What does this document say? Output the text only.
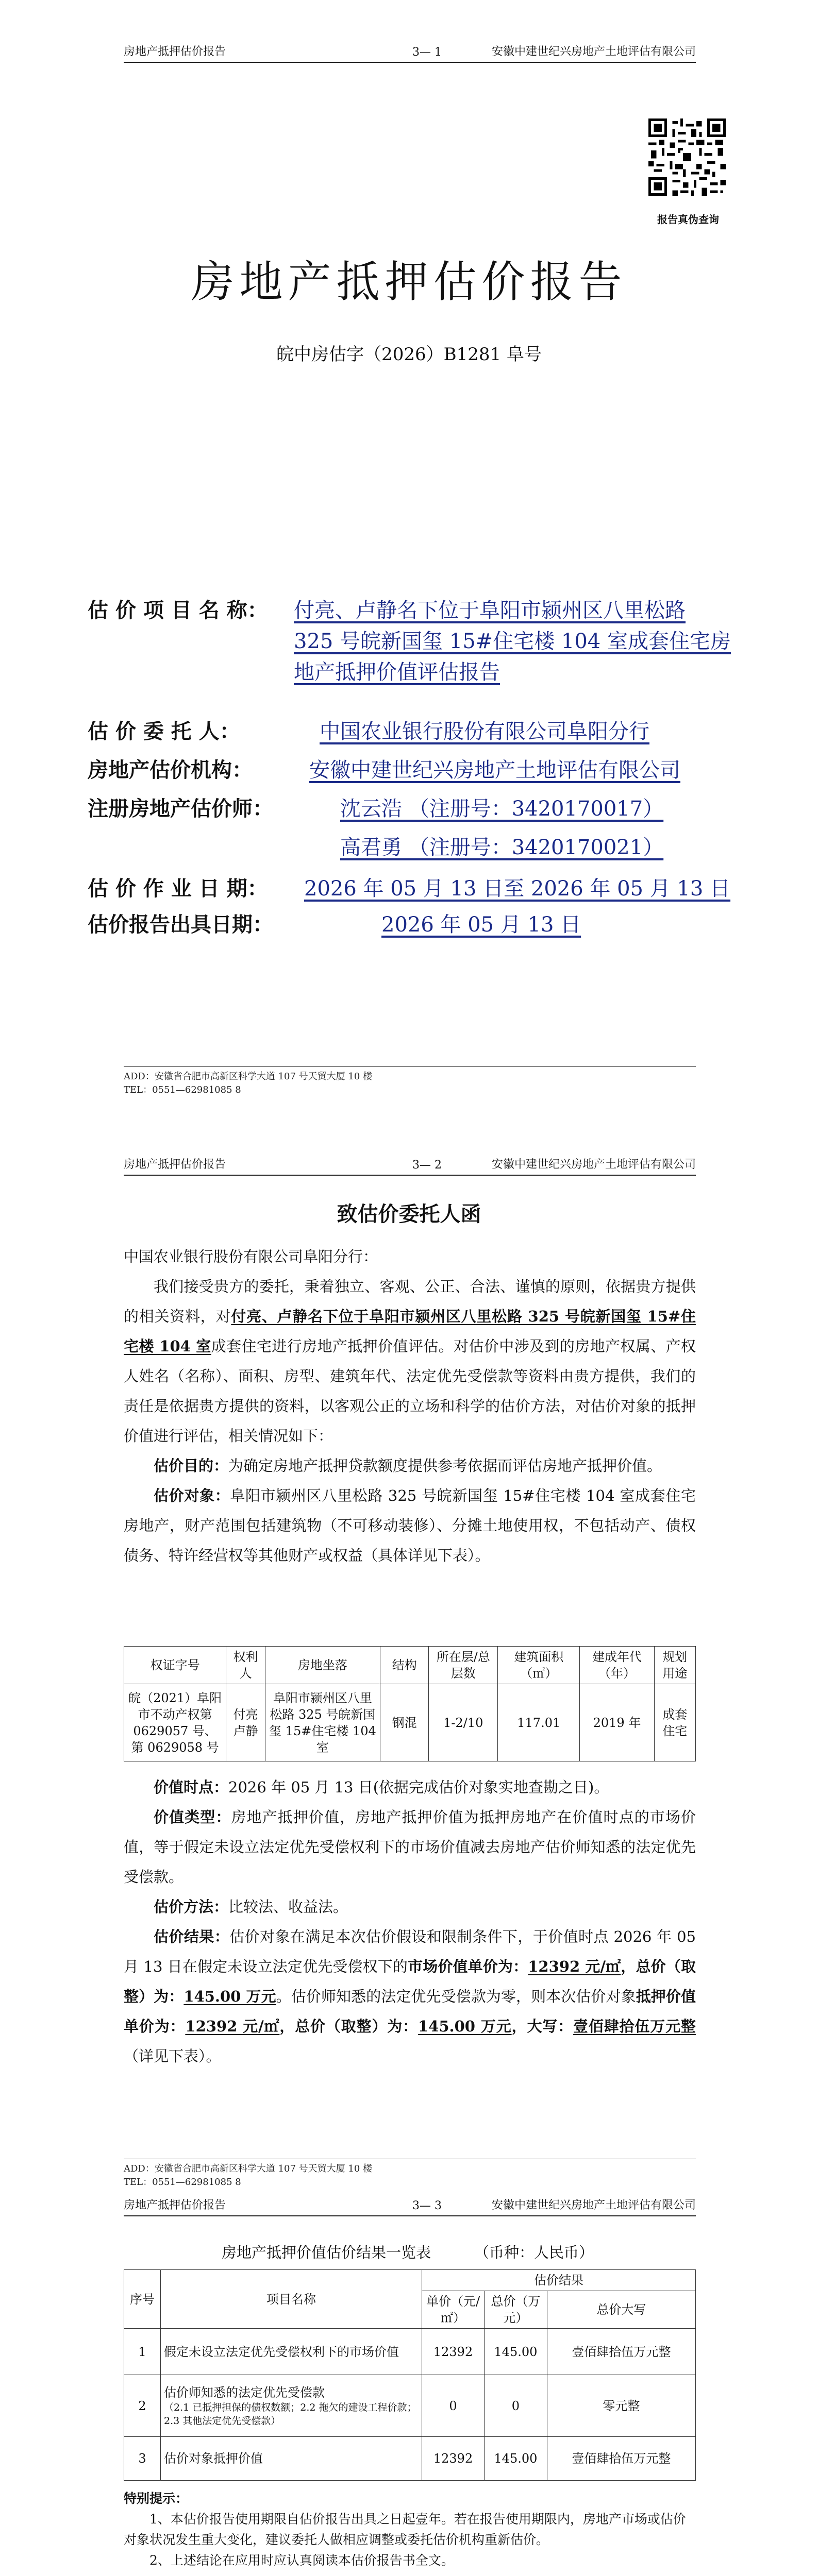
房地产抵押估价报告	3— 1	安徽中建世纪兴房地产土地评估有限公司
报告真伪查询
房地产抵押估价报告
皖中房估字（2026）B1281 阜号
估 价 项 目 名 称： 付亮、卢静名下位于阜阳市颍州区八里松路
325 号皖新国玺 15#住宅楼 104 室成套住宅房
地产抵押价值评估报告
估 价 委 托 人：	中国农业银行股份有限公司阜阳分行
房地产估价机构：	安徽中建世纪兴房地产土地评估有限公司
注册房地产估价师：	沈云浩 （注册号：3420170017）
高君勇 （注册号：3420170021）
估 价 作 业 日 期： 2026 年 05 月 13 日至 2026 年 05 月 13 日
估价报告出具日期：	2026 年 05 月 13 日
ADD：安徽省合肥市高新区科学大道 107 号天贸大厦 10 楼
TEL：0551—62981085 8
房地产抵押估价报告	3— 2	安徽中建世纪兴房地产土地评估有限公司
致估价委托人函

中国农业银行股份有限公司阜阳分行：

我们接受贵方的委托，秉着独立、客观、公正、合法、谨慎的原则，依据贵方提供的相关资料，对付亮、卢静名下位于阜阳市颍州区八里松路 325 号皖新国玺 15#住宅楼 104 室成套住宅进行房地产抵押价值评估。对估价中涉及到的房地产权属、产权人姓名（名称）、面积、房型、建筑年代、法定优先受偿款等资料由贵方提供，我们的责任是依据贵方提供的资料，以客观公正的立场和科学的估价方法，对估价对象的抵押价值进行评估，相关情况如下：

估价目的：为确定房地产抵押贷款额度提供参考依据而评估房地产抵押价值。

估价对象：阜阳市颍州区八里松路 325 号皖新国玺 15#住宅楼 104 室成套住宅房地产，财产范围包括建筑物（不可移动装修）、分摊土地使用权，不包括动产、债权债务、特许经营权等其他财产或权益（具体详见下表）。

权证字号	权利人	房地坐落	结构	所在层/总层数	建筑面积（㎡）	建成年代（年）	规划用途
皖（2021）阜阳市不动产权第 0629057 号、第 0629058 号	付亮卢静	阜阳市颍州区八里松路 325 号皖新国玺 15#住宅楼 104 室	钢混	1-2/10	117.01	2019 年	成套住宅

价值时点：2026 年 05 月 13 日(依据完成估价对象实地查勘之日)。

价值类型：房地产抵押价值，房地产抵押价值为抵押房地产在价值时点的市场价值，等于假定未设立法定优先受偿权利下的市场价值减去房地产估价师知悉的法定优先受偿款。

估价方法：比较法、收益法。

估价结果：估价对象在满足本次估价假设和限制条件下，于价值时点 2026 年 05 月 13 日在假定未设立法定优先受偿权下的市场价值单价为：12392 元/㎡，总价（取整）为：145.00 万元。估价师知悉的法定优先受偿款为零，则本次估价对象抵押价值单价为：12392 元/㎡，总价（取整）为：145.00 万元，大写：壹佰肆拾伍万元整（详见下表）。

ADD：安徽省合肥市高新区科学大道 107 号天贸大厦 10 楼
TEL：0551—62981085 8
房地产抵押估价报告	3— 3	安徽中建世纪兴房地产土地评估有限公司
房地产抵押价值估价结果一览表	（币种：人民币）
序号	项目名称	估价结果		
		单价（元/㎡）	总价（万元）	总价大写
1	假定未设立法定优先受偿权利下的市场价值	12392	145.00	壹佰肆拾伍万元整
2	估价师知悉的法定优先受偿款
（2.1 已抵押担保的债权数额；2.2 拖欠的建设工程价款；2.3 其他法定优先受偿款）	0	0	零元整
3	估价对象抵押价值	12392	145.00	壹佰肆拾伍万元整
特别提示：
1、本估价报告使用期限自估价报告出具之日起壹年。若在报告使用期限内，房地产市场或估价对象状况发生重大变化，建议委托人做相应调整或委托估价机构重新估价。
2、上述结论在应用时应认真阅读本估价报告书全文。
